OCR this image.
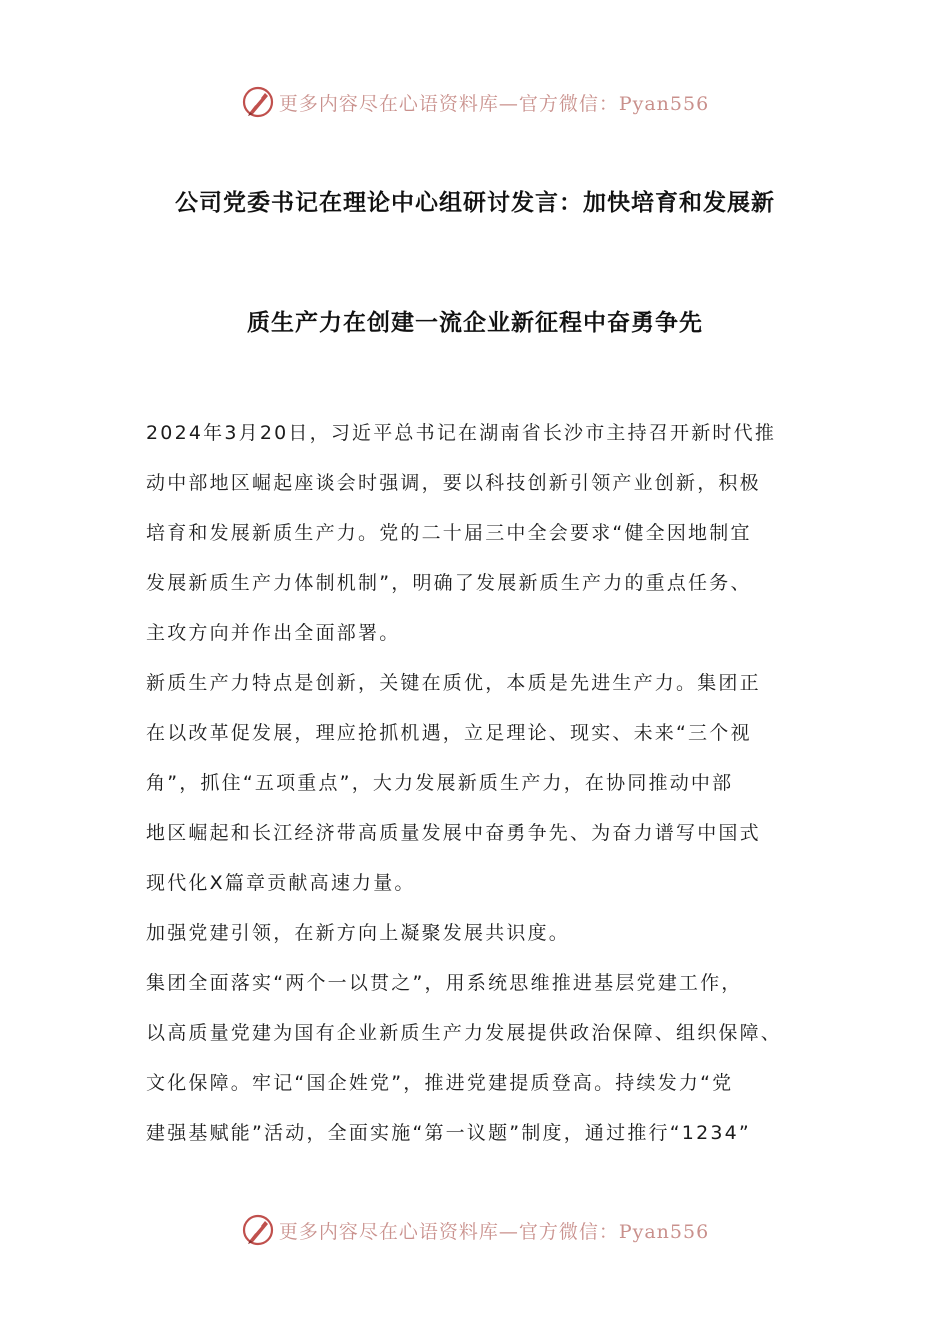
更多内容尽在心语资料库—官方微信：Pyan556
公司党委书记在理论中心组研讨发言：加快培育和发展新
质生产力在创建一流企业新征程中奋勇争先
2024年3月20日，习近平总书记在湖南省长沙市主持召开新时代推
动中部地区崛起座谈会时强调，要以科技创新引领产业创新，积极
培育和发展新质生产力。党的二十届三中全会要求“健全因地制宜
发展新质生产力体制机制”，明确了发展新质生产力的重点任务、
主攻方向并作出全面部署。
新质生产力特点是创新，关键在质优，本质是先进生产力。集团正
在以改革促发展，理应抢抓机遇，立足理论、现实、未来“三个视
角”，抓住“五项重点”，大力发展新质生产力，在协同推动中部
地区崛起和长江经济带高质量发展中奋勇争先、为奋力谱写中国式
现代化X篇章贡献高速力量。
加强党建引领，在新方向上凝聚发展共识度。
集团全面落实“两个一以贯之”，用系统思维推进基层党建工作，
以高质量党建为国有企业新质生产力发展提供政治保障、组织保障、
文化保障。牢记“国企姓党”，推进党建提质登高。持续发力“党
建强基赋能”活动，全面实施“第一议题”制度，通过推行“1234”
更多内容尽在心语资料库—官方微信：Pyan556
